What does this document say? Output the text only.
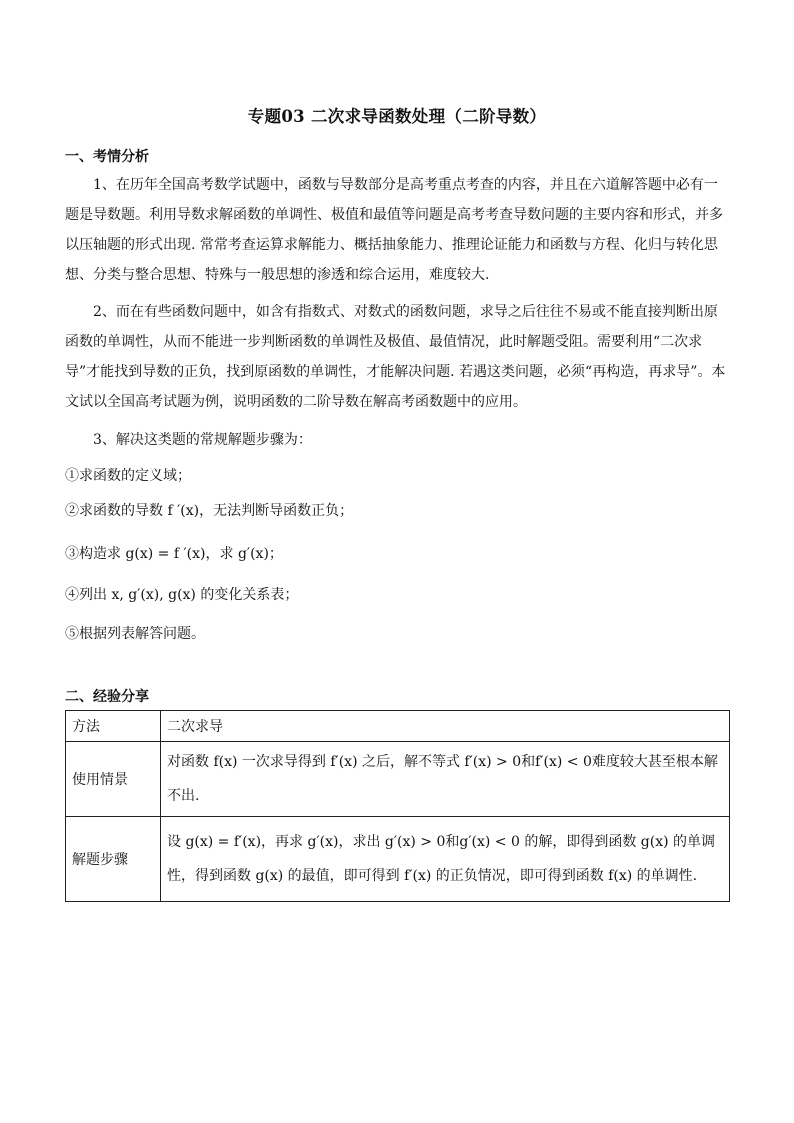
专题03 二次求导函数处理（二阶导数）
一、考情分析
1、在历年全国高考数学试题中，函数与导数部分是高考重点考查的内容，并且在六道解答题中必有一题是导数题。利用导数求解函数的单调性、极值和最值等问题是高考考查导数问题的主要内容和形式，并多以压轴题的形式出现. 常常考查运算求解能力、概括抽象能力、推理论证能力和函数与方程、化归与转化思想、分类与整合思想、特殊与一般思想的渗透和综合运用，难度较大.
2、而在有些函数问题中，如含有指数式、对数式的函数问题，求导之后往往不易或不能直接判断出原函数的单调性，从而不能进一步判断函数的单调性及极值、最值情况，此时解题受阻。需要利用“二次求导”才能找到导数的正负，找到原函数的单调性，才能解决问题. 若遇这类问题，必须“再构造，再求导”。本文试以全国高考试题为例，说明函数的二阶导数在解高考函数题中的应用。
3、解决这类题的常规解题步骤为：
①求函数的定义域；
②求函数的导数 f ′(x)，无法判断导函数正负；
③构造求 g(x) = f ′(x)，求 g′(x)；
④列出 x, g′(x), g(x) 的变化关系表；
⑤根据列表解答问题。
二、经验分享
方法	二次求导
使用情景	对函数 f(x) 一次求导得到 f′(x) 之后，解不等式 f′(x) > 0和f′(x) < 0难度较大甚至根本解不出.
解题步骤	设 g(x) = f′(x)，再求 g′(x)，求出 g′(x) > 0和g′(x) < 0 的解，即得到函数 g(x) 的单调性，得到函数 g(x) 的最值，即可得到 f′(x) 的正负情况，即可得到函数 f(x) 的单调性.
